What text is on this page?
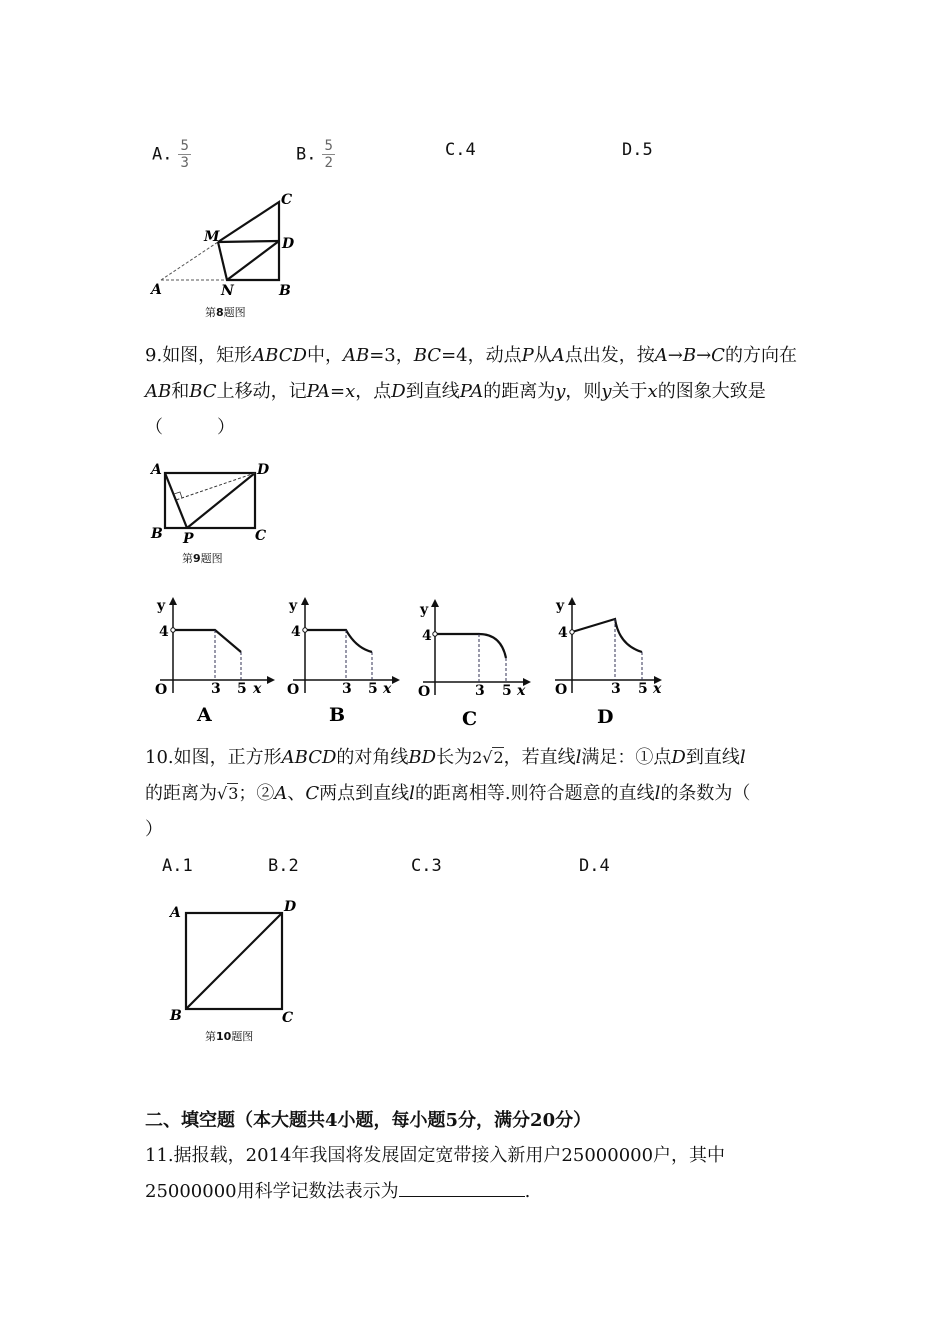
A. $\frac{5}{3}$	B. $\frac{5}{2}$	C.4	D.5
C
M	D
A	N	B
第8题图
9.如图，矩形ABCD中，AB=3，BC=4，动点P从A点出发，按A→B→C的方向在
AB和BC上移动，记PA=x，点D到直线PA的距离为y，则y关于x的图象大致是
（　　　）
A	D
B P	C
第9题图
y
4
O	3 5 x
A
y
4
O	3 5 x
B
y
4
O	3 5 x
C
y
4
O	3 5 x
D
10.如图，正方形ABCD的对角线BD长为2√2，若直线l满足：①点D到直线l
的距离为√3；②A、C两点到直线l的距离相等.则符合题意的直线l的条数为（
）
A.1	B.2	C.3	D.4
A	D
B	C
第10题图
二、填空题（本大题共4小题，每小题5分，满分20分）
11.据报载，2014年我国将发展固定宽带接入新用户25000000户，其中
25000000用科学记数法表示为	.
